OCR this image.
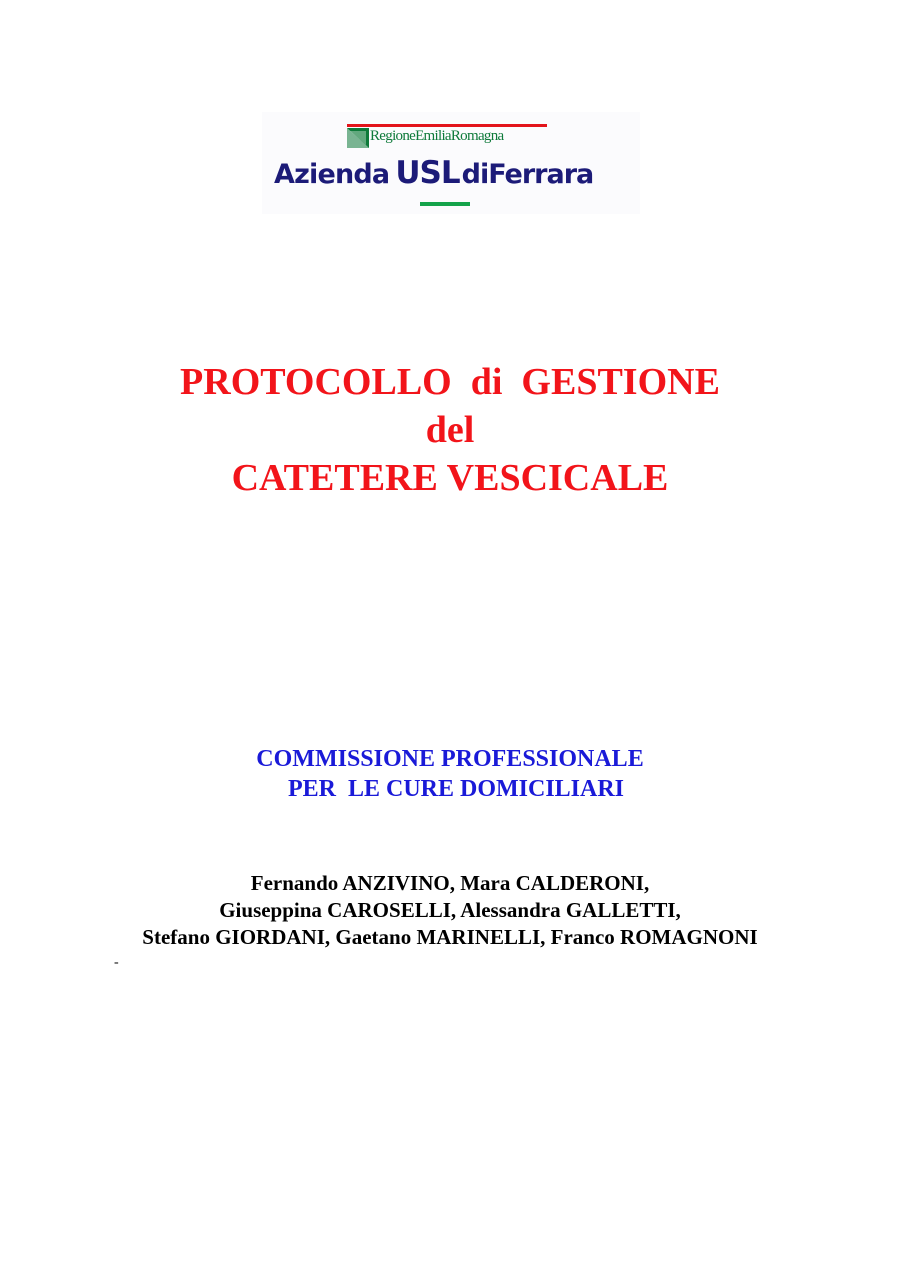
RegioneEmiliaRomagna
Azienda USLdiFerrara
PROTOCOLLO  di  GESTIONE
del
CATETERE VESCICALE
COMMISSIONE PROFESSIONALE
PER  LE CURE DOMICILIARI
Fernando ANZIVINO, Mara CALDERONI,
Giuseppina CAROSELLI, Alessandra GALLETTI,
Stefano GIORDANI, Gaetano MARINELLI, Franco ROMAGNONI
-
